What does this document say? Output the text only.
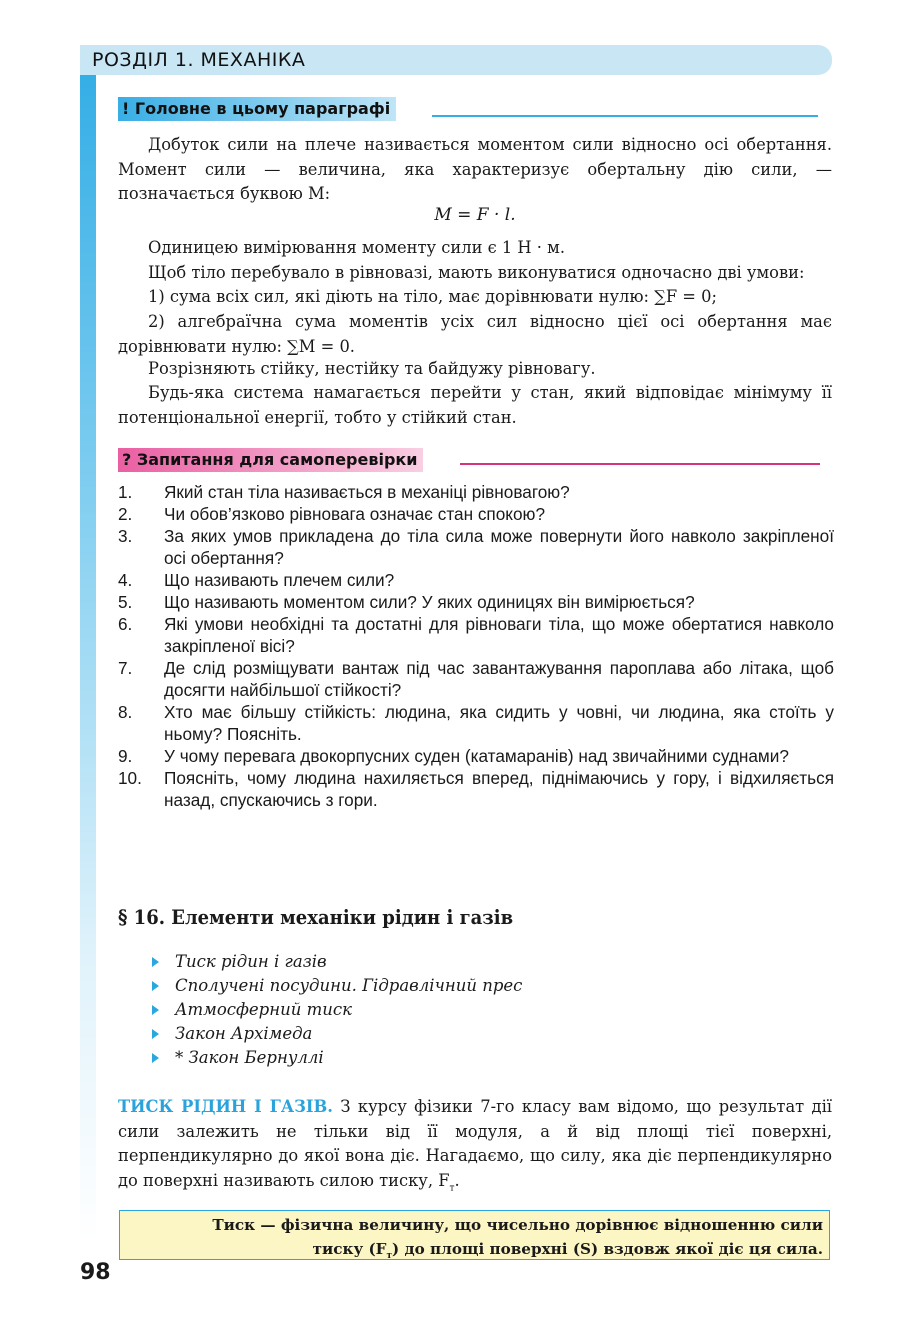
РОЗДІЛ 1. МЕХАНІКА
! Головне в цьому параграфі
Добуток сили на плече називається моментом сили відносно осі обертання. Момент сили — величина, яка характеризує обертальну дію сили, — позначається буквою M:
M = F · l.
Одиницею вимірювання моменту сили є 1 Н · м.
Щоб тіло перебувало в рівновазі, мають виконуватися одночасно дві умови:
1) сума всіх сил, які діють на тіло, має дорівнювати нулю: ∑F = 0;
2) алгебраїчна сума моментів усіх сил відносно цієї осі обертання має дорівнювати нулю: ∑M = 0.
Розрізняють стійку, нестійку та байдужу рівновагу.
Будь-яка система намагається перейти у стан, який відповідає мінімуму її потенціональної енергії, тобто у стійкий стан.
? Запитання для самоперевірки
1.	Який стан тіла називається в механіці рівновагою?
2.	Чи обов’язково рівновага означає стан спокою?
3.	За яких умов прикладена до тіла сила може повернути його навколо закріпленої осі обертання?
4.	Що називають плечем сили?
5.	Що називають моментом сили? У яких одиницях він вимірюється?
6.	Які умови необхідні та достатні для рівноваги тіла, що може обертатися навколо закріпленої вісі?
7.	Де слід розміщувати вантаж під час завантажування пароплава або літака, щоб досягти найбільшої стійкості?
8.	Хто має більшу стійкість: людина, яка сидить у човні, чи людина, яка стоїть у ньому? Поясніть.
9.	У чому перевага двокорпусних суден (катамаранів) над звичайними суднами?
10.	Поясніть, чому людина нахиляється вперед, піднімаючись у гору, і відхиляється назад, спускаючись з гори.
§ 16. Елементи механіки рідин і газів
Тиск рідин і газів
Сполучені посудини. Гідравлічний прес
Атмосферний тиск
Закон Архімеда
* Закон Бернуллі
ТИСК РІДИН І ГАЗІВ. З курсу фізики 7-го класу вам відомо, що результат дії сили залежить не тільки від її модуля, а й від площі тієї поверхні, перпендикулярно до якої вона діє. Нагадаємо, що силу, яка діє перпендикулярно до поверхні називають силою тиску, $F_т$.
Тиск — фізична величину, що чисельно дорівнює відношенню сили тиску $(F_т)$ до площі поверхні (S) вздовж якої діє ця сила.
98
